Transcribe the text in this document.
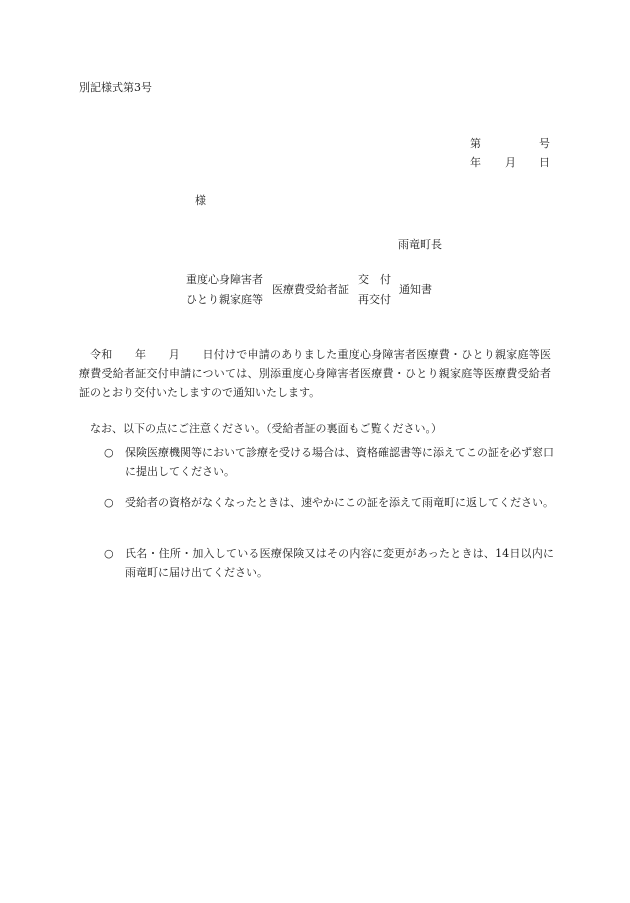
別記様式第3号
第	号
年 月 日
様
雨竜町長
重度心身障害者
ひとり親家庭等
医療費受給者証
交　付
再交付
通知書
令和　　年　　月　　日付けで申請のありました重度心身障害者医療費・ひとり親家庭等医療費受給者証交付申請については、別添重度心身障害者医療費・ひとり親家庭等医療費受給者証のとおり交付いたしますので通知いたします。
なお、以下の点にご注意ください。（受給者証の裏面もご覧ください。）
○ 保険医療機関等において診療を受ける場合は、資格確認書等に添えてこの証を必ず窓口に提出してください。
○ 受給者の資格がなくなったときは、速やかにこの証を添えて雨竜町に返してください。
○ 氏名・住所・加入している医療保険又はその内容に変更があったときは、14日以内に雨竜町に届け出てください。
